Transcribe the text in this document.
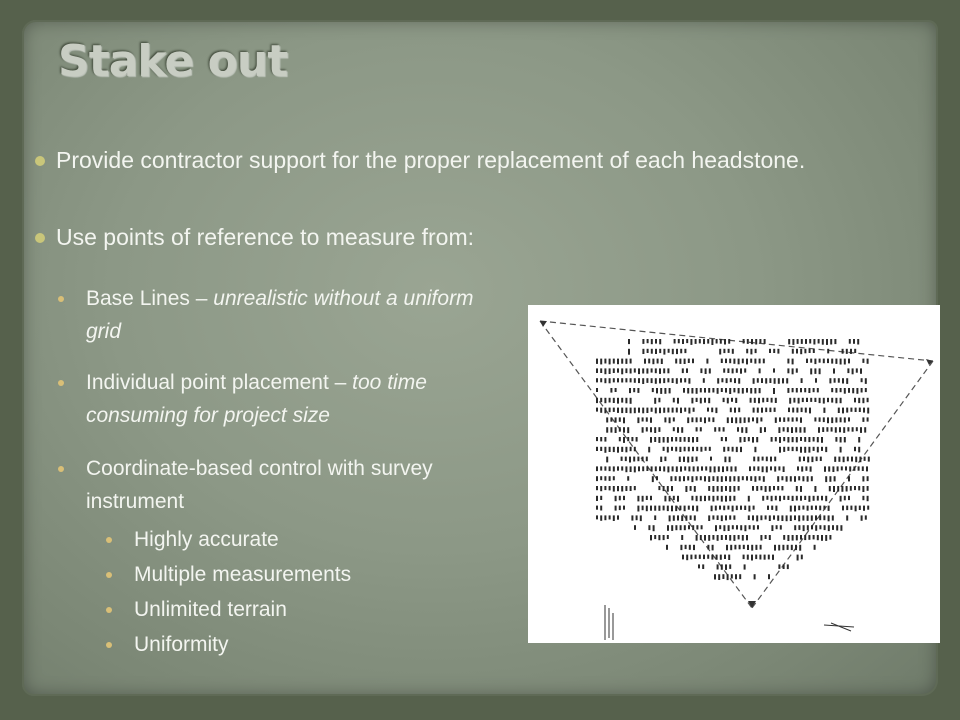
Stake out
Provide contractor support for the proper replacement of each headstone.
Use points of reference to measure from:
Base Lines – unrealistic without a uniform grid
Individual point placement – too time consuming for project size
Coordinate-based control with survey instrument
Highly accurate
Multiple measurements
Unlimited terrain
Uniformity
